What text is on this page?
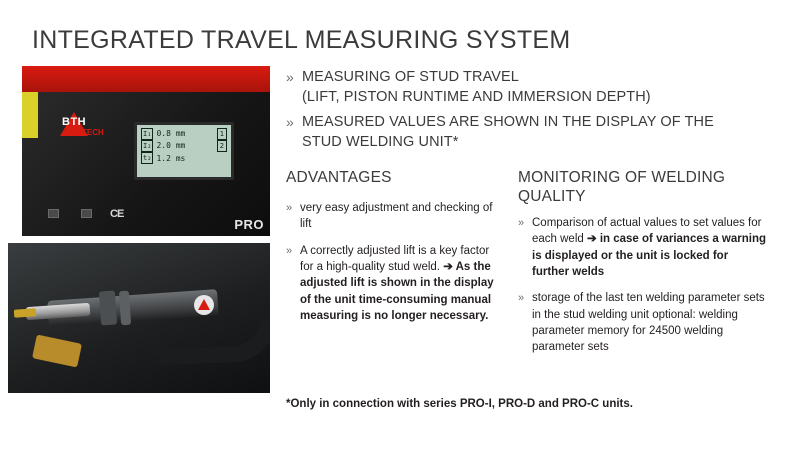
INTEGRATED TRAVEL MEASURING SYSTEM
BTH
TECH	I₁ 0.8 mm	1
I₂ 2.0 mm	2
t₂ 1.2 ms
CE
PRO
» MEASURING OF STUD TRAVEL
(LIFT, PISTON RUNTIME AND IMMERSION DEPTH)
» MEASURED VALUES ARE SHOWN IN THE DISPLAY OF THE
STUD WELDING UNIT*
ADVANTAGES	MONITORING OF WELDING QUALITY
» very easy adjustment and checking of lift
» A correctly adjusted lift is a key factor for a high-quality stud weld. ➔ As the adjusted lift is shown in the display of the unit time-consuming manual measuring is no longer necessary.
» Comparison of actual values to set values for each weld ➔ in case of variances a warning is displayed or the unit is locked for further welds
» storage of the last ten welding parameter sets in the stud welding unit optional: welding parameter memory for 24500 welding parameter sets
*Only in connection with series PRO-I, PRO-D and PRO-C units.
